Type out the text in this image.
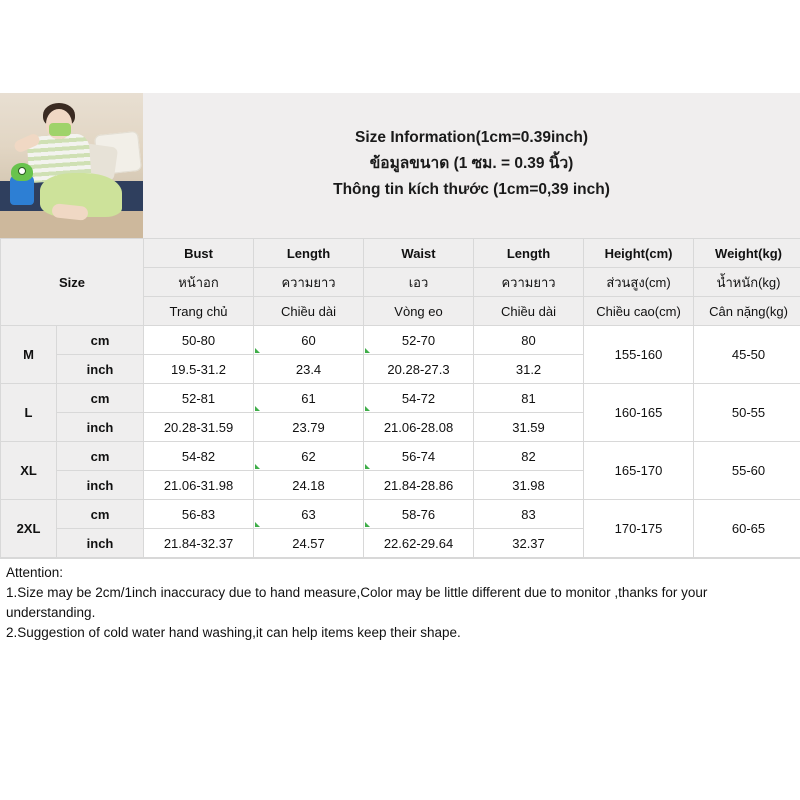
Size Information(1cm=0.39inch)
ข้อมูลขนาด (1 ซม. = 0.39 นิ้ว)
Thông tin kích thước (1cm=0,39 inch)
Size		Bust	Length	Waist	Length	Height(cm)	Weight(kg)
		หน้าอก	ความยาว	เอว	ความยาว	ส่วนสูง(cm)	น้ำหนัก(kg)
		Trang chủ	Chiều dài	Vòng eo	Chiều dài	Chiều cao(cm)	Cân nặng(kg)
M	cm	50-80	60	52-70	80	155-160	45-50
	inch	19.5-31.2	23.4	20.28-27.3	31.2		
L	cm	52-81	61	54-72	81	160-165	50-55
	inch	20.28-31.59	23.79	21.06-28.08	31.59		
XL	cm	54-82	62	56-74	82	165-170	55-60
	inch	21.06-31.98	24.18	21.84-28.86	31.98		
2XL	cm	56-83	63	58-76	83	170-175	60-65
	inch	21.84-32.37	24.57	22.62-29.64	32.37		

Attention:

1.Size may be 2cm/1inch inaccuracy due to hand measure,Color may be little different due to monitor ,thanks for your

understanding.

2.Suggestion of cold water hand washing,it can help items keep their shape.
